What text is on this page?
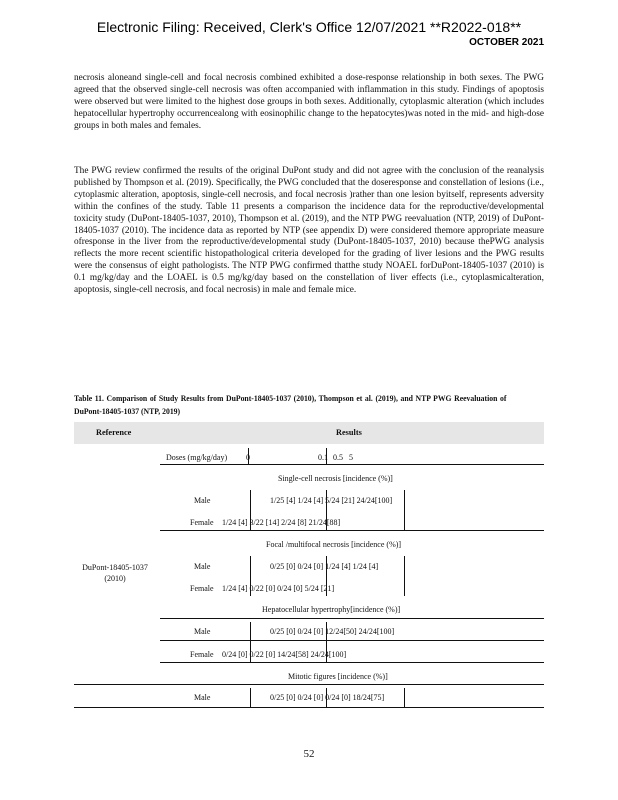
Electronic Filing: Received, Clerk's Office 12/07/2021 **R2022-018**
OCTOBER 2021

necrosis aloneand single-cell and focal necrosis combined exhibited a dose-response relationship in both sexes. The PWG agreed that the observed single-cell necrosis was often accompanied with inflammation in this study. Findings of apoptosis were observed but were limited to the highest dose groups in both sexes. Additionally, cytoplasmic alteration (which includes hepatocellular hypertrophy occurrencealong with eosinophilic change to the hepatocytes)was noted in the mid- and high-dose groups in both males and females.

The PWG review confirmed the results of the original DuPont study and did not agree with the conclusion of the reanalysis published by Thompson et al. (2019). Specifically, the PWG concluded that the doseresponse and constellation of lesions (i.e., cytoplasmic alteration, apoptosis, single-cell necrosis, and focal necrosis )rather than one lesion byitself, represents adversity within the confines of the study. Table 11 presents a comparison the incidence data for the reproductive/developmental toxicity study (DuPont-18405-1037, 2010), Thompson et al. (2019), and the NTP PWG reevaluation (NTP, 2019) of DuPont-18405-1037 (2010). The incidence data as reported by NTP (see appendix D) were considered themore appropriate measure ofresponse in the liver from the reproductive/developmental study (DuPont-18405-1037, 2010) because thePWG analysis reflects the more recent scientific histopathological criteria developed for the grading of liver lesions and the PWG results were the consensus of eight pathologists. The NTP PWG confirmed thatthe study NOAEL forDuPont-18405-1037 (2010) is 0.1 mg/kg/day and the LOAEL is 0.5 mg/kg/day based on the constellation of liver effects (i.e., cytoplasmicalteration, apoptosis, single-cell necrosis, and focal necrosis) in male and female mice.

Table 11. Comparison of Study Results from DuPont-18405-1037 (2010), Thompson et al. (2019), and NTP PWG Reevaluation of DuPont-18405-1037 (NTP, 2019)

Reference	Results
DuPont-18405-1037 (2010)
Doses (mg/kg/day) 0	0.1 0.5 5
Single-cell necrosis [incidence (%)]
Male	1/25 [4] 1/24 [4] 5/24 [21] 24/24[100]
Female 1/24 [4] 3/22 [14] 2/24 [8] 21/24[88]
Focal /multifocal necrosis [incidence (%)]
Male	0/25 [0] 0/24 [0] 1/24 [4] 1/24 [4]
Female 1/24 [4] 0/22 [0] 0/24 [0] 5/24 [21]
Hepatocellular hypertrophy[incidence (%)]
Male	0/25 [0] 0/24 [0] 12/24[50] 24/24[100]
Female 0/24 [0] 0/22 [0] 14/24[58] 24/24[100]
Mitotic figures [incidence (%)]
Male	0/25 [0] 0/24 [0] 0/24 [0] 18/24[75]
52
